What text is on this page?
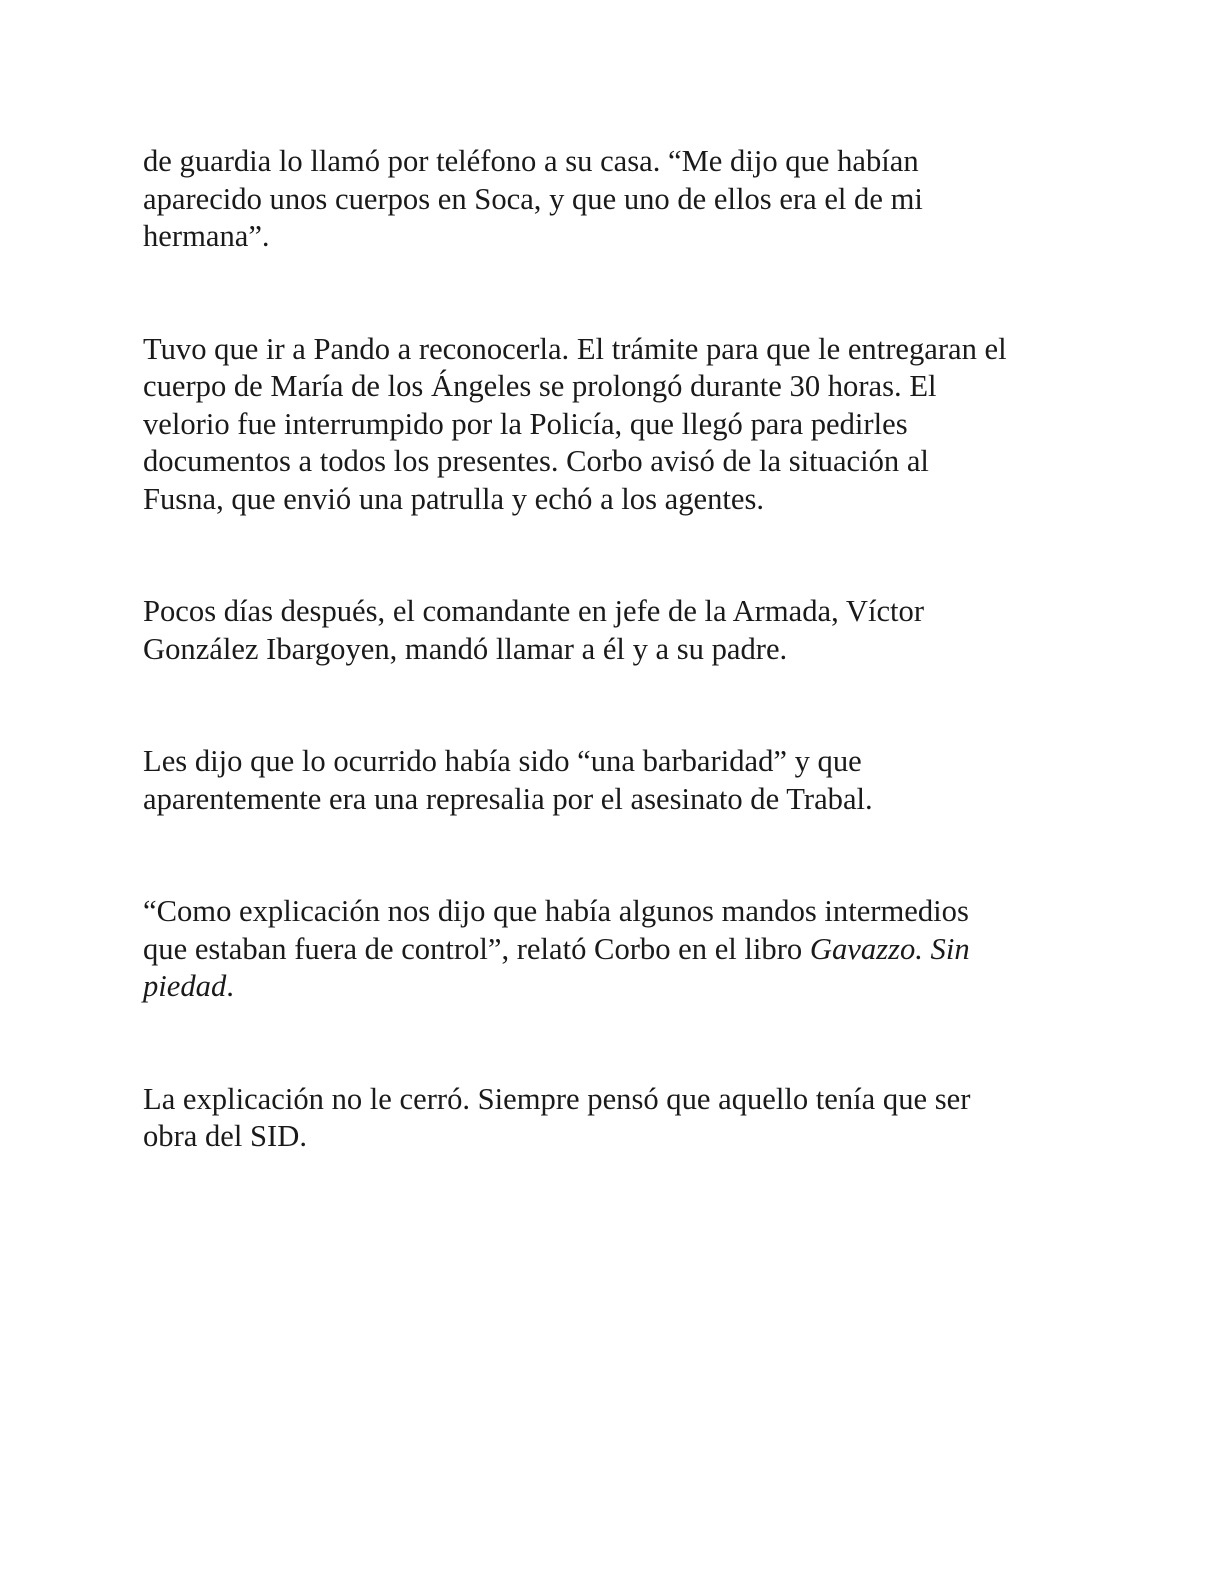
de guardia lo llamó por teléfono a su casa. “Me dijo que habían
aparecido unos cuerpos en Soca, y que uno de ellos era el de mi
hermana”.

Tuvo que ir a Pando a reconocerla. El trámite para que le entregaran el
cuerpo de María de los Ángeles se prolongó durante 30 horas. El
velorio fue interrumpido por la Policía, que llegó para pedirles
documentos a todos los presentes. Corbo avisó de la situación al
Fusna, que envió una patrulla y echó a los agentes.

Pocos días después, el comandante en jefe de la Armada, Víctor
González Ibargoyen, mandó llamar a él y a su padre.

Les dijo que lo ocurrido había sido “una barbaridad” y que
aparentemente era una represalia por el asesinato de Trabal.

“Como explicación nos dijo que había algunos mandos intermedios
que estaban fuera de control”, relató Corbo en el libro Gavazzo. Sin
piedad.

La explicación no le cerró. Siempre pensó que aquello tenía que ser
obra del SID.
